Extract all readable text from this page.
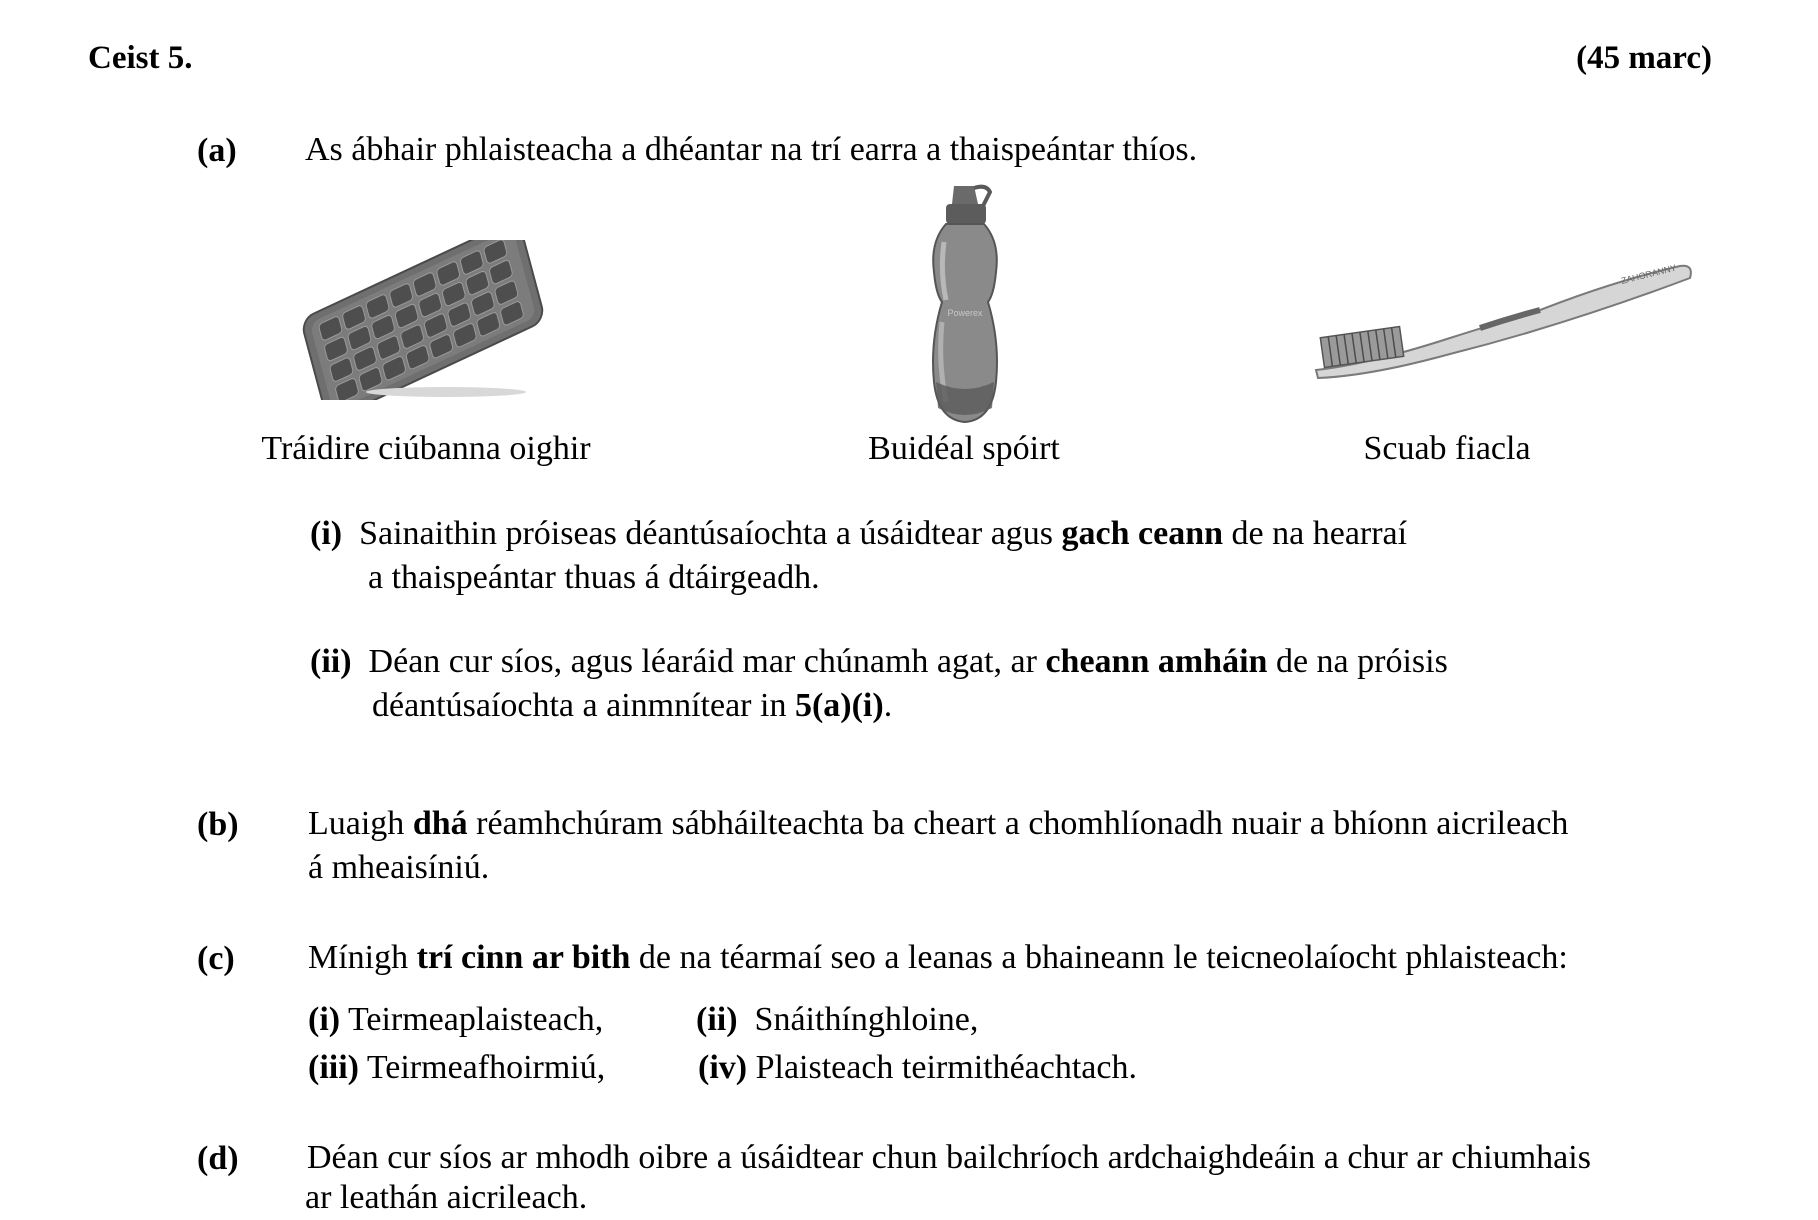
Ceist 5.	(45 marc)
(a) As ábhair phlaisteacha a dhéantar na trí earra a thaispeántar thíos.
Powerex
ZAHORANNY
Tráidire ciúbanna oighir	Buidéal spóirt	Scuab fiacla
(i) Sainaithin próiseas déantúsaíochta a úsáidtear agus gach ceann de na hearraí
a thaispeántar thuas á dtáirgeadh.
(ii) Déan cur síos, agus léaráid mar chúnamh agat, ar cheann amháin de na próisis
déantúsaíochta a ainmnítear in 5(a)(i).
(b) Luaigh dhá réamhchúram sábháilteachta ba cheart a chomhlíonadh nuair a bhíonn aicrileach
á mheaisíniú.
(c) Mínigh trí cinn ar bith de na téarmaí seo a leanas a bhaineann le teicneolaíocht phlaisteach:
(i) Teirmeaplaisteach,	(ii)  Snáithínghloine,
(iii) Teirmeafhoirmiú,	(iv) Plaisteach teirmithéachtach.
(d) Déan cur síos ar mhodh oibre a úsáidtear chun bailchríoch ardchaighdeáin a chur ar chiumhais
ar leathán aicrileach.
